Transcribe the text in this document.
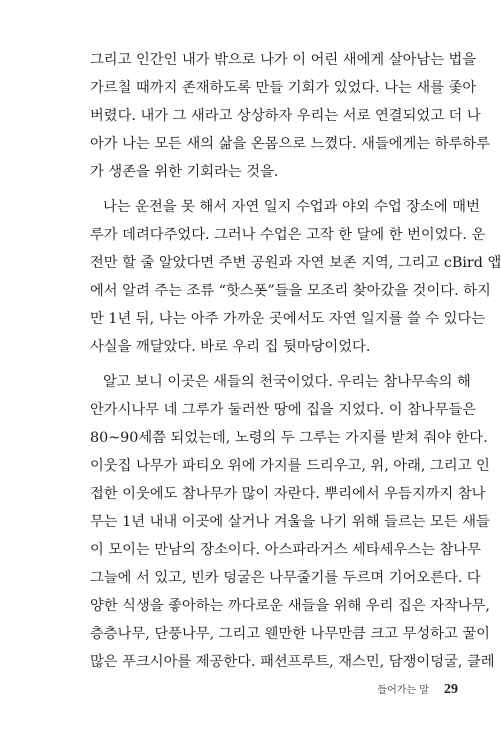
그리고 인간인 내가 밖으로 나가 이 어린 새에게 살아남는 법을
가르칠 때까지 존재하도록 만들 기회가 있었다. 나는 새를 좇아
버렸다. 내가 그 새라고 상상하자 우리는 서로 연결되었고 더 나
아가 나는 모든 새의 삶을 온몸으로 느꼈다. 새들에게는 하루하루
가 생존을 위한 기회라는 것을.
나는 운전을 못 해서 자연 일지 수업과 야외 수업 장소에 매번
루가 데려다주었다. 그러나 수업은 고작 한 달에 한 번이었다. 운
전만 할 줄 알았다면 주변 공원과 자연 보존 지역, 그리고 cBird 앱
에서 알려 주는 조류 “핫스폿”들을 모조리 찾아갔을 것이다. 하지
만 1년 뒤, 나는 아주 가까운 곳에서도 자연 일지를 쓸 수 있다는
사실을 깨달았다. 바로 우리 집 뒷마당이었다.
알고 보니 이곳은 새들의 천국이었다. 우리는 참나무속의 해
안가시나무 네 그루가 둘러싼 땅에 집을 지었다. 이 참나무들은
80~90세쯤 되었는데, 노령의 두 그루는 가지를 받쳐 줘야 한다.
이웃집 나무가 파티오 위에 가지를 드리우고, 위, 아래, 그리고 인
접한 이웃에도 참나무가 많이 자란다. 뿌리에서 우듬지까지 참나
무는 1년 내내 이곳에 살거나 겨울을 나기 위해 들르는 모든 새들
이 모이는 만남의 장소이다. 아스파라거스 세타세우스는 참나무
그늘에 서 있고, 빈카 덩굴은 나무줄기를 두르며 기어오른다. 다
양한 식생을 좋아하는 까다로운 새들을 위해 우리 집은 자작나무,
층층나무, 단풍나무, 그리고 웬만한 나무만큼 크고 무성하고 꿀이
많은 푸크시아를 제공한다. 패션프루트, 재스민, 담쟁이덩굴, 클레
들어가는 말 29
